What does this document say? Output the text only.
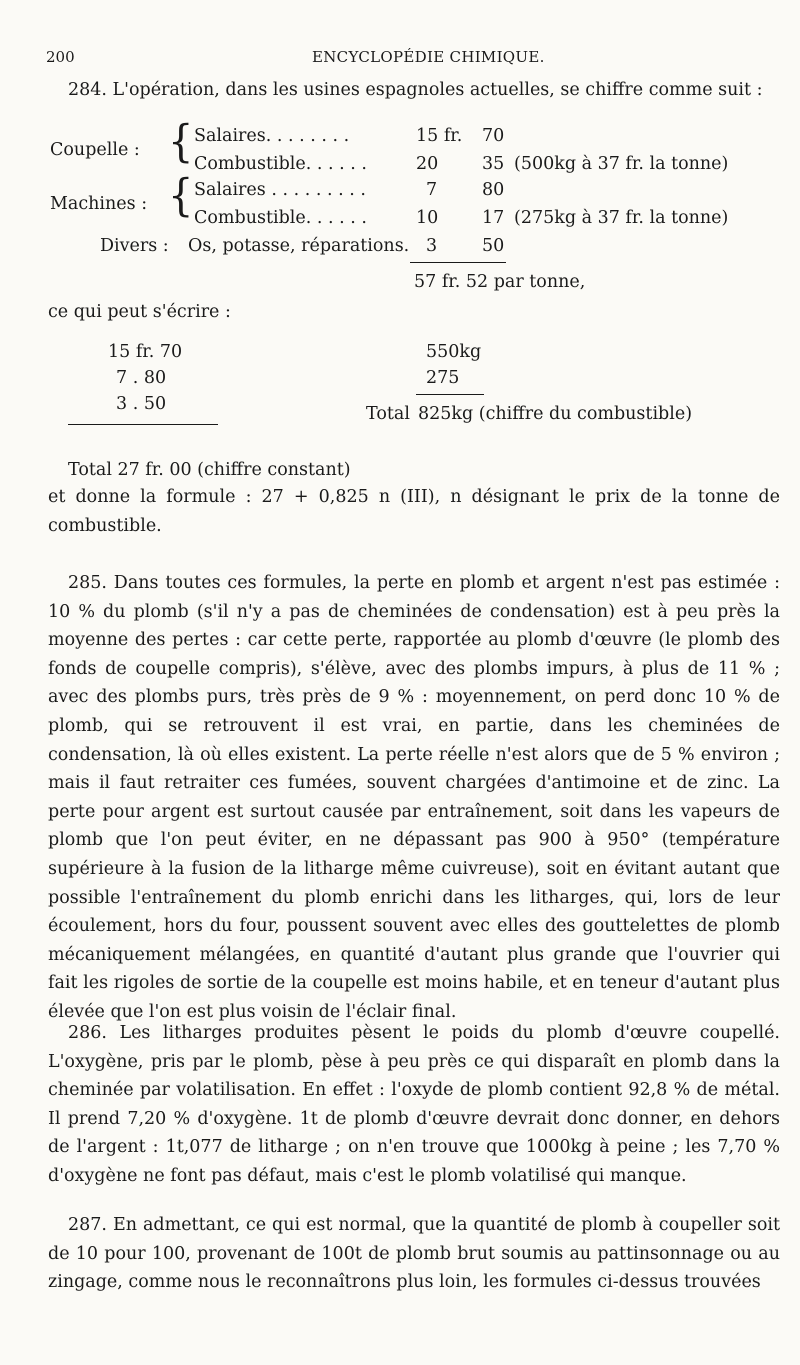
200	ENCYCLOPÉDIE CHIMIQUE.
284. L'opération, dans les usines espagnoles actuelles, se chiffre comme suit :
Coupelle : { Salaires. . . . . . . .	15 fr. 70
Combustible. . . . . .	20 35 (500kg à 37 fr. la tonne)
Machines : { Salaires . . . . . . . . .	7	80
Combustible. . . . . .	10 17 (275kg à 37 fr. la tonne)
Divers : Os, potasse, réparations. 3	50
57 fr. 52 par tonne,
ce qui peut s'écrire :
15 fr. 70
7 . 80
3 . 50
550kg
275
Total 825kg (chiffre du combustible)
Total 27 fr. 00 (chiffre constant)

et donne la formule : 27 + 0,825 n (III), n désignant le prix de la tonne de combustible.

285. Dans toutes ces formules, la perte en plomb et argent n'est pas estimée : 10 % du plomb (s'il n'y a pas de cheminées de condensation) est à peu près la moyenne des pertes : car cette perte, rapportée au plomb d'œuvre (le plomb des fonds de coupelle compris), s'élève, avec des plombs impurs, à plus de 11 % ; avec des plombs purs, très près de 9 % : moyennement, on perd donc 10 % de plomb, qui se retrouvent il est vrai, en partie, dans les cheminées de condensation, là où elles existent. La perte réelle n'est alors que de 5 % environ ; mais il faut retraiter ces fumées, souvent chargées d'antimoine et de zinc. La perte pour argent est surtout causée par entraînement, soit dans les vapeurs de plomb que l'on peut éviter, en ne dépassant pas 900 à 950° (température supérieure à la fusion de la litharge même cuivreuse), soit en évitant autant que possible l'entraînement du plomb enrichi dans les litharges, qui, lors de leur écoulement, hors du four, poussent souvent avec elles des gouttelettes de plomb mécaniquement mélangées, en quantité d'autant plus grande que l'ouvrier qui fait les rigoles de sortie de la coupelle est moins habile, et en teneur d'autant plus élevée que l'on est plus voisin de l'éclair final.

286. Les litharges produites pèsent le poids du plomb d'œuvre coupellé. L'oxygène, pris par le plomb, pèse à peu près ce qui disparaît en plomb dans la cheminée par volatilisation. En effet : l'oxyde de plomb contient 92,8 % de métal. Il prend 7,20 % d'oxygène. 1t de plomb d'œuvre devrait donc donner, en dehors de l'argent : 1t,077 de litharge ; on n'en trouve que 1000kg à peine ; les 7,70 % d'oxygène ne font pas défaut, mais c'est le plomb volatilisé qui manque.

287. En admettant, ce qui est normal, que la quantité de plomb à coupeller soit de 10 pour 100, provenant de 100t de plomb brut soumis au pattinsonnage ou au zingage, comme nous le reconnaîtrons plus loin, les formules ci-dessus trouvées
